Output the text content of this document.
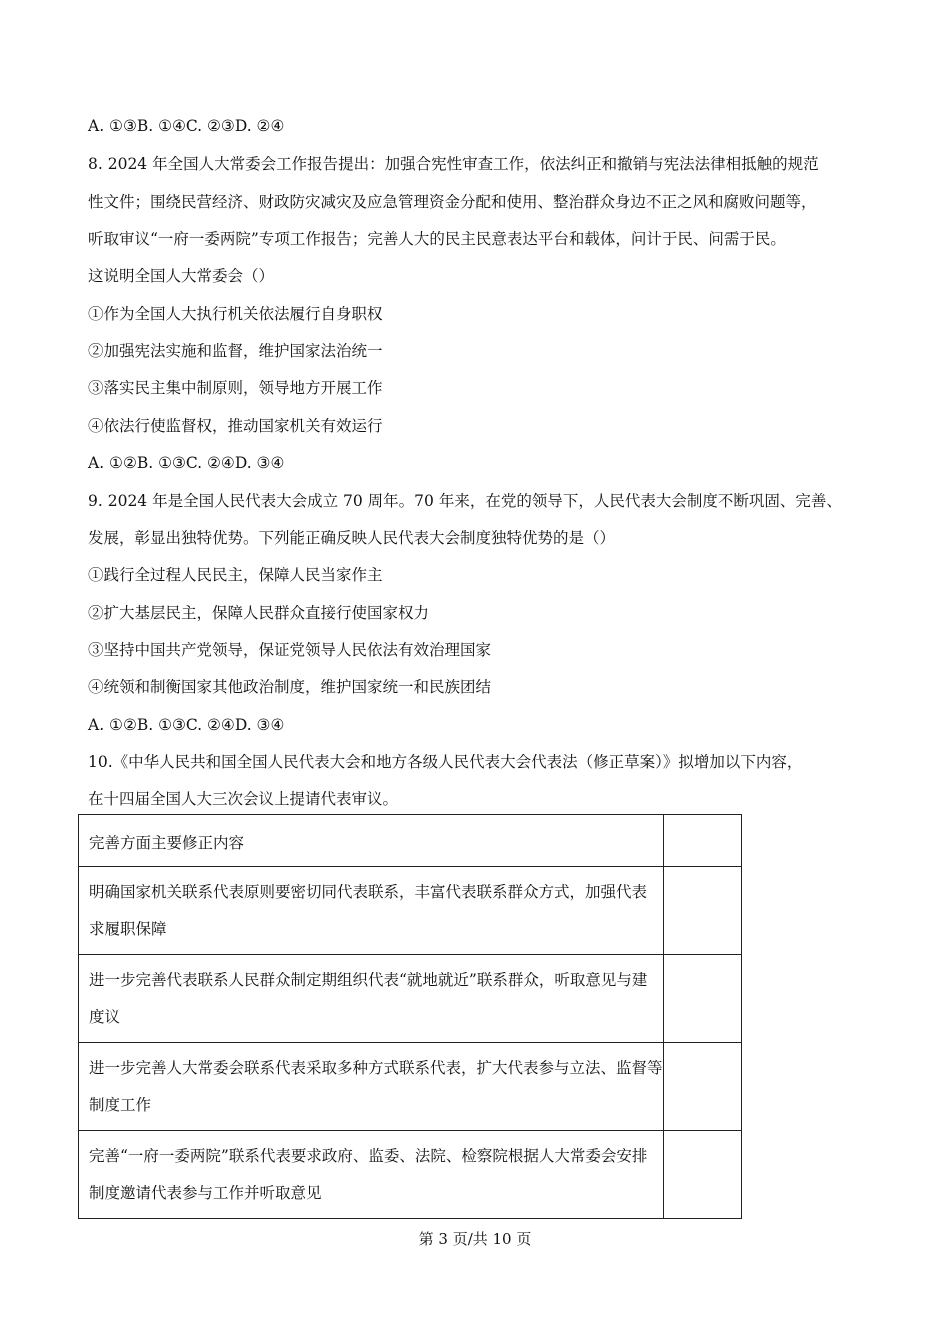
A. ①③B. ①④C. ②③D. ②④
8. 2024 年全国人大常委会工作报告提出：加强合宪性审查工作，依法纠正和撤销与宪法法律相抵触的规范
性文件；围绕民营经济、财政防灾减灾及应急管理资金分配和使用、整治群众身边不正之风和腐败问题等，
听取审议“一府一委两院”专项工作报告；完善人大的民主民意表达平台和载体，问计于民、问需于民。
这说明全国人大常委会（）
①作为全国人大执行机关依法履行自身职权
②加强宪法实施和监督，维护国家法治统一
③落实民主集中制原则，领导地方开展工作
④依法行使监督权，推动国家机关有效运行
A. ①②B. ①③C. ②④D. ③④
9. 2024 年是全国人民代表大会成立 70 周年。70 年来，在党的领导下，人民代表大会制度不断巩固、完善、
发展，彰显出独特优势。下列能正确反映人民代表大会制度独特优势的是（）
①践行全过程人民民主，保障人民当家作主
②扩大基层民主，保障人民群众直接行使国家权力
③坚持中国共产党领导，保证党领导人民依法有效治理国家
④统领和制衡国家其他政治制度，维护国家统一和民族团结
A. ①②B. ①③C. ②④D. ③④
10.《中华人民共和国全国人民代表大会和地方各级人民代表大会代表法（修正草案）》拟增加以下内容，
在十四届全国人大三次会议上提请代表审议。
完善方面主要修正内容	

明确国家机关联系代表原则要密切同代表联系，丰富代表联系群众方式，加强代表
求履职保障	

进一步完善代表联系人民群众制定期组织代表“就地就近”联系群众，听取意见与建
度议	

进一步完善人大常委会联系代表采取多种方式联系代表，扩大代表参与立法、监督等
制度工作	

完善“一府一委两院”联系代表要求政府、监委、法院、检察院根据人大常委会安排
制度邀请代表参与工作并听取意见	

第 3 页/共 10 页
